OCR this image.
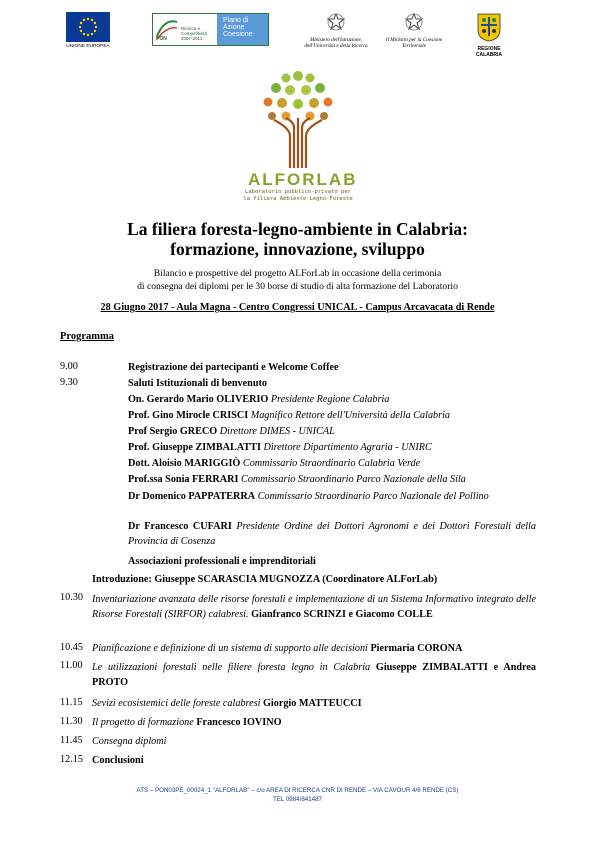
UNIONE EUROPEA
Ricerca e Competitività
2007-2013
PON
Piano di Azione Coesione
Ministero dell'Istruzione, dell'Università e della Ricerca
Il Ministro per la Coesione Territoriale	REGIONE CALABRIA
ALFORLAB
Laboratorio pubblico-privato per
la filiera Ambiente-Legno-Foreste
La filiera foresta-legno-ambiente in Calabria:
formazione, innovazione, sviluppo
Bilancio e prospettive del progetto ALForLab in occasione della cerimonia
di consegna dei diplomi per le 30 borse di studio di alta formazione del Laboratorio
28 Giugno 2017 - Aula Magna - Centro Congressi UNICAL - Campus Arcavacata di Rende
Programma
9.00	Registrazione dei partecipanti e Welcome Coffee
9.30	Saluti Istituzionali di benvenuto
On. Gerardo Mario OLIVERIO Presidente Regione Calabria
Prof. Gino Mirocle CRISCI Magnifico Rettore dell'Università della Calabria
Prof Sergio GRECO Direttore DIMES - UNICAL
Prof. Giuseppe ZIMBALATTI Direttore Dipartimento Agraria - UNIRC
Dott. Aloisio MARIGGIÒ Commissario Straordinario Calabria Verde
Prof.ssa Sonia FERRARI Commissario Straordinario Parco Nazionale della Sila
Dr Domenico PAPPATERRA Commissario Straordinario Parco Nazionale del Pollino
Dr Francesco CUFARI Presidente Ordine dei Dottori Agronomi e dei Dottori Forestali della Provincia di Cosenza
Associazioni professionali e imprenditoriali
Introduzione: Giuseppe SCARASCIA MUGNOZZA (Coordinatore ALForLab)
10.30 Inventariazione avanzata delle risorse forestali e implementazione di un Sistema Informativo integrato delle Risorse Forestali (SIRFOR) calabresi. Gianfranco SCRINZI e Giacomo COLLE
10.45 Pianificazione e definizione di un sistema di supporto alle decisioni Piermaria CORONA
11.00 Le utilizzazioni forestali nelle filiere foresta legno in Calabria Giuseppe ZIMBALATTI e Andrea PROTO
11.15 Sevizi ecosistemici delle foreste calabresi Giorgio MATTEUCCI
11.30 Il progetto di formazione Francesco IOVINO
11.45 Consegna diplomi
12.15 Conclusioni
ATS – PON03PE_00024_1 "ALFORLAB" – c/o AREA DI RICERCA CNR DI RENDE – VIA CAVOUR 4/6 RENDE (CS)
TEL 0984/841487
